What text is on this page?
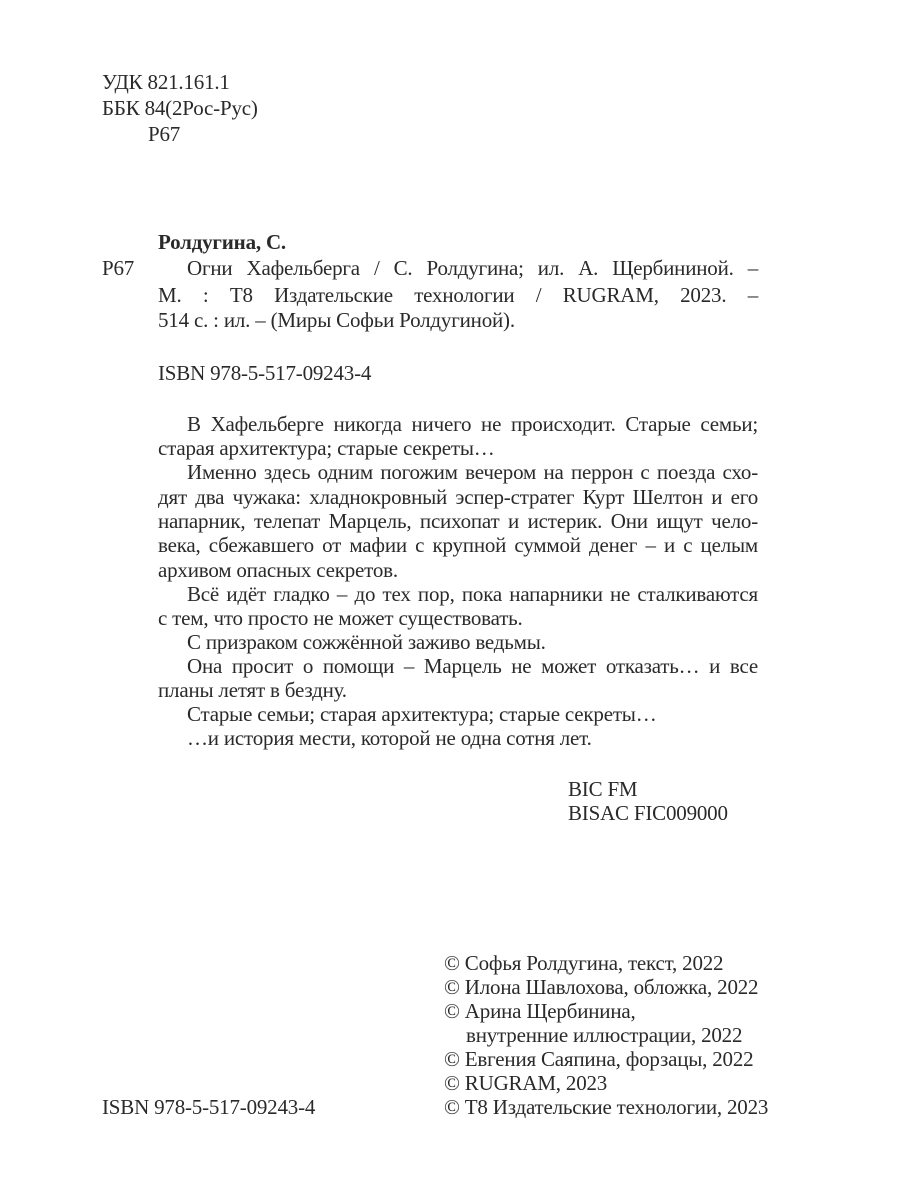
УДК 821.161.1
ББК 84(2Рос-Рус)
Р67
Ролдугина, С.
Р67	Огни Хафельберга / С. Ролдугина; ил. А. Щербининой. –
М. : Т8 Издательские технологии / RUGRAM, 2023. –
514 с. : ил. – (Миры Софьи Ролдугиной).
ISBN 978-5-517-09243-4
В Хафельберге никогда ничего не происходит. Старые семьи;
старая архитектура; старые секреты…
Именно здесь одним погожим вечером на перрон с поезда схо-
дят два чужака: хладнокровный эспер-стратег Курт Шелтон и его
напарник, телепат Марцель, психопат и истерик. Они ищут чело-
века, сбежавшего от мафии с крупной суммой денег – и с целым
архивом опасных секретов.
Всё идёт гладко – до тех пор, пока напарники не сталкиваются
с тем, что просто не может существовать.
С призраком сожжённой заживо ведьмы.
Она просит о помощи – Марцель не может отказать… и все
планы летят в бездну.
Старые семьи; старая архитектура; старые секреты…
…и история мести, которой не одна сотня лет.
BIC FM
BISAC FIC009000
© Софья Ролдугина, текст, 2022
© Илона Шавлохова, обложка, 2022
© Арина Щербинина,
внутренние иллюстрации, 2022
© Евгения Саяпина, форзацы, 2022
© RUGRAM, 2023
© Т8 Издательские технологии, 2023
ISBN 978-5-517-09243-4
